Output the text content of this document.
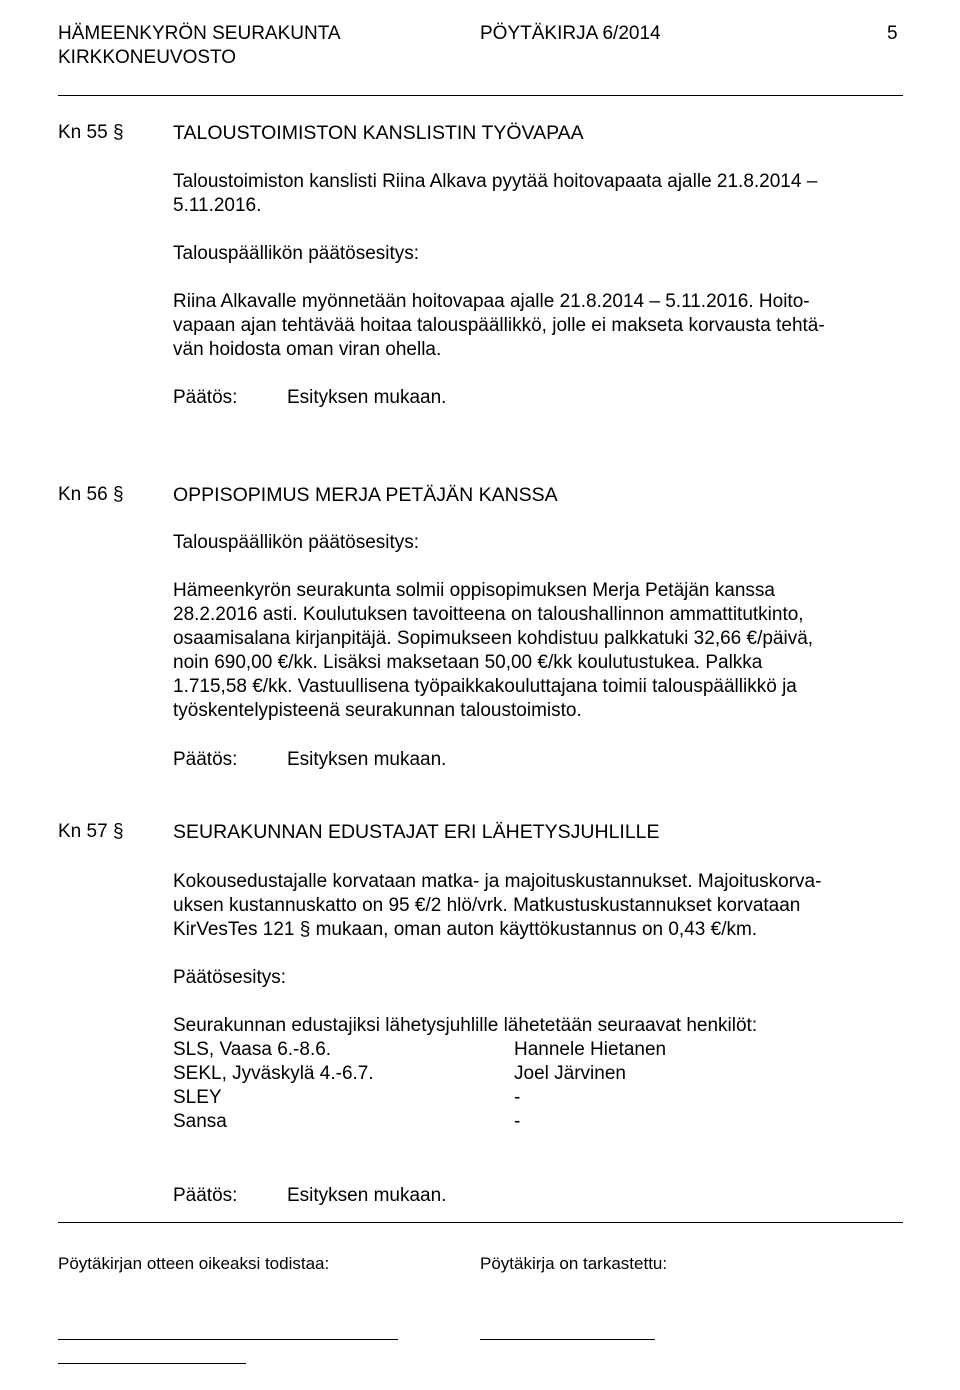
HÄMEENKYRÖN SEURAKUNTA	PÖYTÄKIRJA 6/2014	5
KIRKKONEUVOSTO
Kn 55 §	TALOUSTOIMISTON KANSLISTIN TYÖVAPAA
Taloustoimiston kanslisti Riina Alkava pyytää hoitovapaata ajalle 21.8.2014 –
5.11.2016.
Talouspäällikön päätösesitys:
Riina Alkavalle myönnetään hoitovapaa ajalle 21.8.2014 – 5.11.2016. Hoito-
vapaan ajan tehtävää hoitaa talouspäällikkö, jolle ei makseta korvausta tehtä-
vän hoidosta oman viran ohella.
Päätös:	Esityksen mukaan.
Kn 56 §	OPPISOPIMUS MERJA PETÄJÄN KANSSA
Talouspäällikön päätösesitys:
Hämeenkyrön seurakunta solmii oppisopimuksen Merja Petäjän kanssa
28.2.2016 asti. Koulutuksen tavoitteena on taloushallinnon ammattitutkinto,
osaamisalana kirjanpitäjä. Sopimukseen kohdistuu palkkatuki 32,66 €/päivä,
noin 690,00 €/kk. Lisäksi maksetaan 50,00 €/kk koulutustukea. Palkka
1.715,58 €/kk. Vastuullisena työpaikkakouluttajana toimii talouspäällikkö ja
työskentelypisteenä seurakunnan taloustoimisto.
Päätös:	Esityksen mukaan.
Kn 57 §	SEURAKUNNAN EDUSTAJAT ERI LÄHETYSJUHLILLE
Kokousedustajalle korvataan matka- ja majoituskustannukset. Majoituskorva-
uksen kustannuskatto on 95 €/2 hlö/vrk. Matkustuskustannukset korvataan
KirVesTes 121 § mukaan, oman auton käyttökustannus on 0,43 €/km.
Päätösesitys:
Seurakunnan edustajiksi lähetysjuhlille lähetetään seuraavat henkilöt:
SLS, Vaasa 6.-8.6.	Hannele Hietanen
SEKL, Jyväskylä 4.-6.7.	Joel Järvinen
SLEY	-
Sansa	-
Päätös:	Esityksen mukaan.
Pöytäkirjan otteen oikeaksi todistaa:	Pöytäkirja on tarkastettu:
